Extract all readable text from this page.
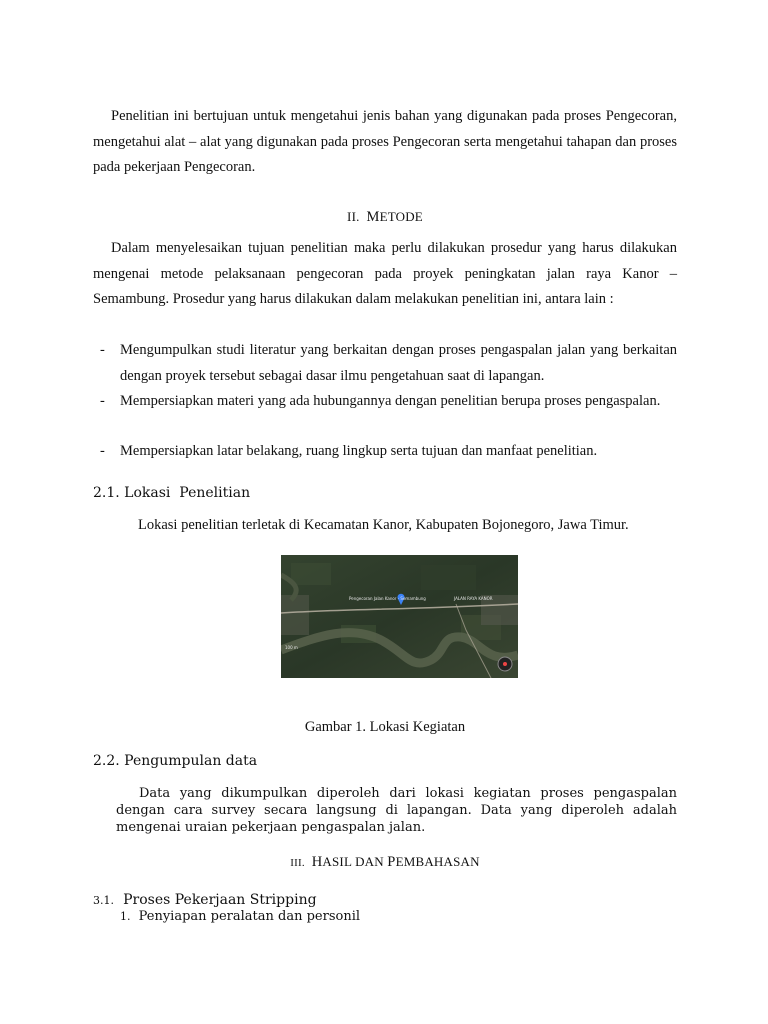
Penelitian ini bertujuan untuk mengetahui jenis bahan yang digunakan pada proses Pengecoran, mengetahui alat – alat yang digunakan pada proses Pengecoran serta mengetahui tahapan dan proses pada pekerjaan Pengecoran.

II. METODE

Dalam menyelesaikan tujuan penelitian maka perlu dilakukan prosedur yang harus dilakukan mengenai metode pelaksanaan pengecoran pada proyek peningkatan jalan raya Kanor – Semambung. Prosedur yang harus dilakukan dalam melakukan penelitian ini, antara lain :

- Mengumpulkan studi literatur yang berkaitan dengan proses pengaspalan jalan yang berkaitan dengan proyek tersebut sebagai dasar ilmu pengetahuan saat di lapangan.
- Mempersiapkan materi yang ada hubungannya dengan penelitian berupa proses pengaspalan.
- Mempersiapkan latar belakang, ruang lingkup serta tujuan dan manfaat penelitian.
2.1. Lokasi  Penelitian
Lokasi penelitian terletak di Kecamatan Kanor, Kabupaten Bojonegoro, Jawa Timur.
Pengecoran Jalan Kanor - Semambung	JALAN RAYA KANOR
100 m
Gambar 1. Lokasi Kegiatan
2.2. Pengumpulan data

Data yang dikumpulkan diperoleh dari lokasi kegiatan proses pengaspalan dengan cara survey secara langsung di lapangan. Data yang diperoleh adalah mengenai uraian pekerjaan pengaspalan jalan.

III. HASIL DAN PEMBAHASAN
3.1. Proses Pekerjaan Stripping
1. Penyiapan peralatan dan personil
